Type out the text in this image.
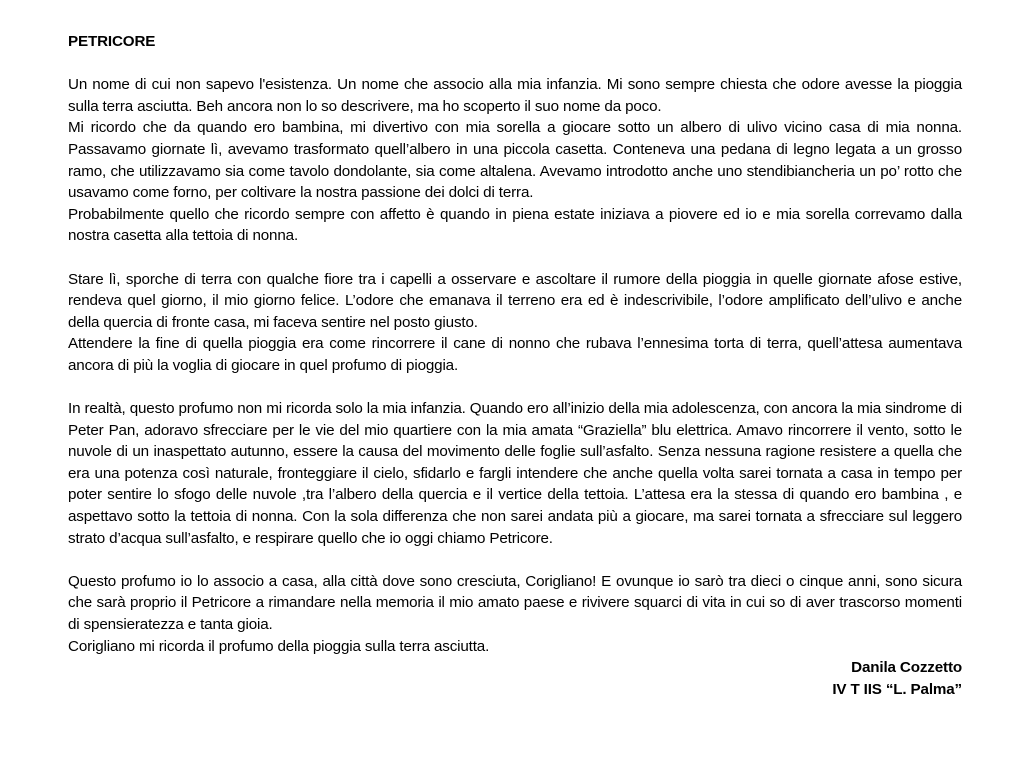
PETRICORE

Un nome di cui non sapevo l'esistenza. Un nome che associo alla mia infanzia. Mi sono sempre chiesta che odore avesse la pioggia sulla terra asciutta. Beh ancora non lo so descrivere, ma ho scoperto il suo nome da poco.

Mi ricordo che da quando ero bambina, mi divertivo con mia sorella a giocare sotto un albero di ulivo vicino casa di mia nonna. Passavamo giornate lì, avevamo trasformato quell’albero in una piccola casetta. Conteneva una pedana di legno legata a un grosso ramo, che utilizzavamo sia come tavolo dondolante, sia come altalena. Avevamo introdotto anche uno stendibiancheria un po’ rotto che usavamo come forno, per coltivare la nostra passione dei dolci di terra.

Probabilmente quello che ricordo sempre con affetto è quando in piena estate iniziava a piovere ed io e mia sorella correvamo dalla nostra casetta alla tettoia di nonna.

Stare lì, sporche di terra con qualche fiore tra i capelli a osservare e ascoltare il rumore della pioggia in quelle giornate afose estive, rendeva quel giorno, il mio giorno felice. L’odore che emanava il terreno era ed è indescrivibile, l’odore amplificato dell’ulivo e anche della quercia di fronte casa, mi faceva sentire nel posto giusto.

Attendere la fine di quella pioggia era come rincorrere il cane di nonno che rubava l’ennesima torta di terra, quell’attesa aumentava ancora di più la voglia di giocare in quel profumo di pioggia.

In realtà, questo profumo non mi ricorda solo la mia infanzia. Quando ero all’inizio della mia adolescenza, con ancora la mia sindrome di Peter Pan, adoravo sfrecciare per le vie del mio quartiere con la mia amata “Graziella” blu elettrica. Amavo rincorrere il vento, sotto le nuvole di un inaspettato autunno, essere la causa del movimento delle foglie sull’asfalto. Senza nessuna ragione resistere a quella che era una potenza così naturale, fronteggiare il cielo, sfidarlo e fargli intendere che anche quella volta sarei tornata a casa in tempo per poter sentire lo sfogo delle nuvole ,tra l’albero della quercia e il vertice della tettoia. L’attesa era la stessa di quando ero bambina , e aspettavo sotto la tettoia di nonna. Con la sola differenza che non sarei andata più a giocare, ma sarei tornata a sfrecciare sul leggero strato d’acqua sull’asfalto, e respirare quello che io oggi chiamo Petricore.

Questo profumo io lo associo a casa, alla città dove sono cresciuta, Corigliano! E ovunque io sarò tra dieci o cinque anni, sono sicura che sarà proprio il Petricore a rimandare nella memoria il mio amato paese e rivivere squarci di vita in cui so di aver trascorso momenti di spensieratezza e tanta gioia.

Corigliano mi ricorda il profumo della pioggia sulla terra asciutta.

Danila Cozzetto

IV T IIS “L. Palma”
